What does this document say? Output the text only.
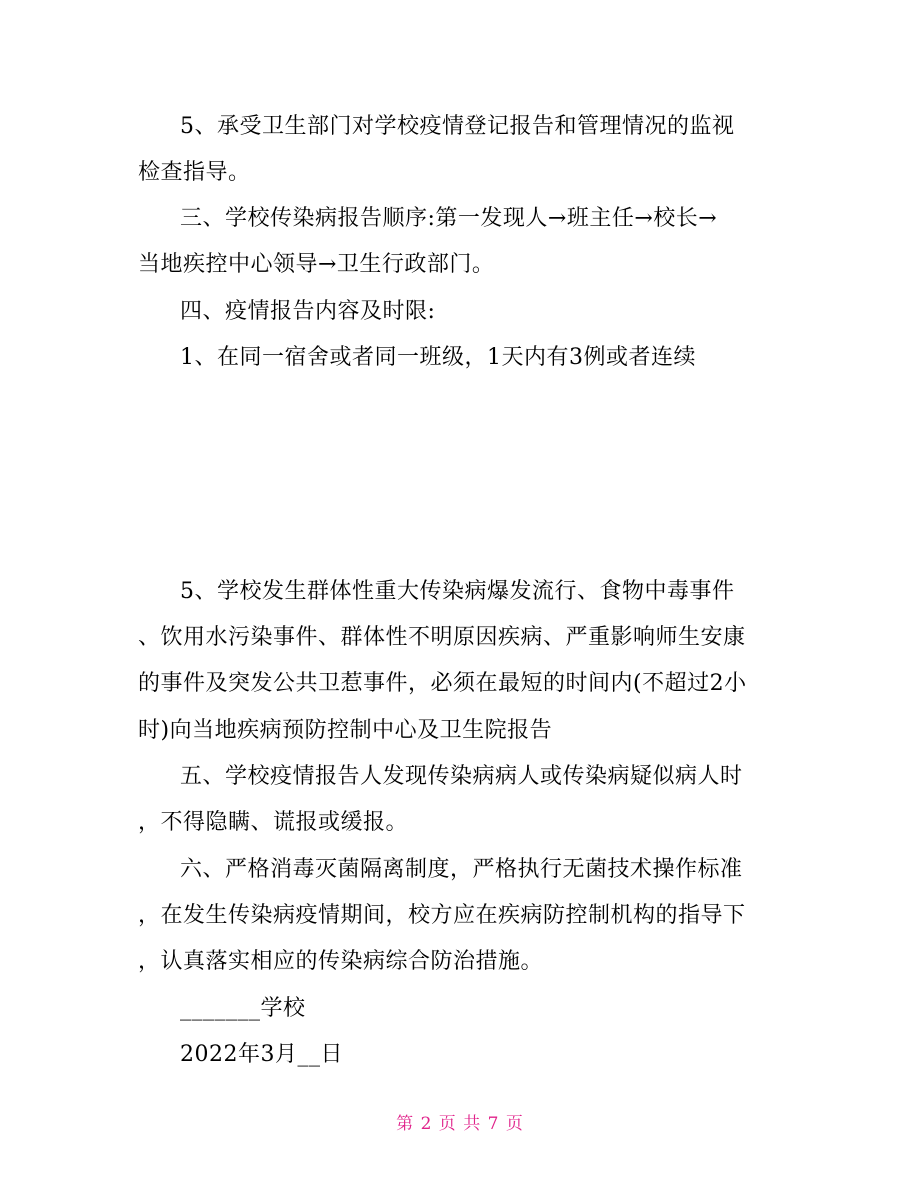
5、承受卫生部门对学校疫情登记报告和管理情况的监视
检查指导。
三、学校传染病报告顺序:第一发现人→班主任→校长→
当地疾控中心领导→卫生行政部门。
四、疫情报告内容及时限:
1、在同一宿舍或者同一班级，1天内有3例或者连续
5、学校发生群体性重大传染病爆发流行、食物中毒事件
、饮用水污染事件、群体性不明原因疾病、严重影响师生安康
的事件及突发公共卫惹事件，必须在最短的时间内(不超过2小
时)向当地疾病预防控制中心及卫生院报告
五、学校疫情报告人发现传染病病人或传染病疑似病人时
，不得隐瞒、谎报或缓报。
六、严格消毒灭菌隔离制度，严格执行无菌技术操作标准
，在发生传染病疫情期间，校方应在疾病防控制机构的指导下
，认真落实相应的传染病综合防治措施。
_______学校
2022年3月__日
第 2 页 共 7 页
